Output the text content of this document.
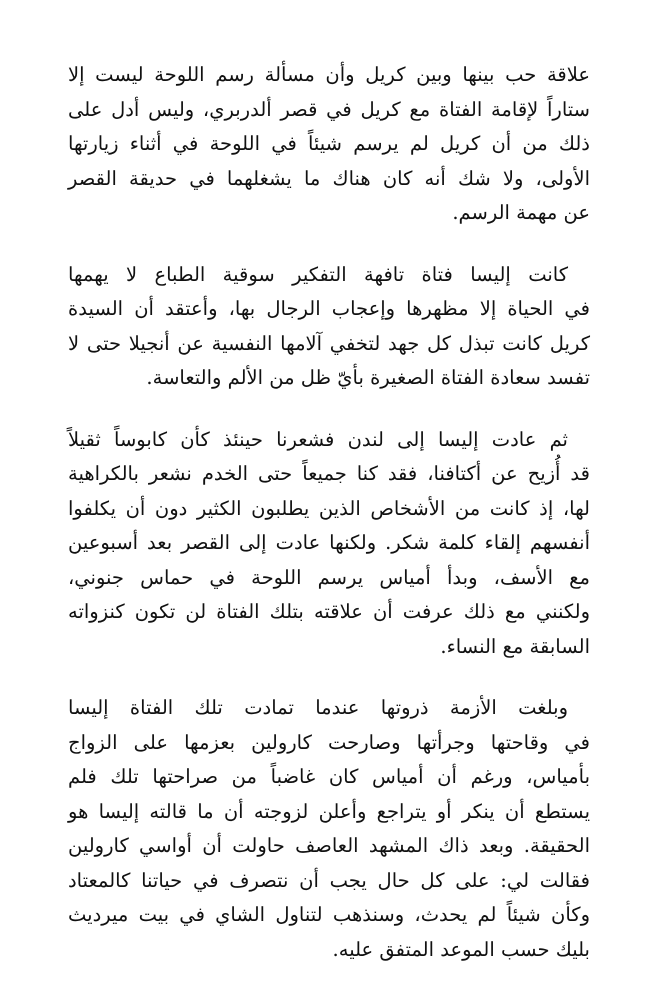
علاقة حب بينها وبين كريل وأن مسألة رسم اللوحة ليست إلا
ستاراً لإقامة الفتاة مع كريل في قصر ألدربري، وليس أدل على
ذلك من أن كريل لم يرسم شيئاً في اللوحة في أثناء زيارتها
الأولى، ولا شك أنه كان هناك ما يشغلهما في حديقة القصر
عن مهمة الرسم.
كانت إليسا فتاة تافهة التفكير سوقية الطباع لا يهمها
في الحياة إلا مظهرها وإعجاب الرجال بها، وأعتقد أن السيدة
كريل كانت تبذل كل جهد لتخفي آلامها النفسية عن أنجيلا حتى لا
تفسد سعادة الفتاة الصغيرة بأيّ ظل من الألم والتعاسة.
ثم عادت إليسا إلى لندن فشعرنا حينئذ كأن كابوساً ثقيلاً
قد أُزيح عن أكتافنا، فقد كنا جميعاً حتى الخدم نشعر بالكراهية
لها، إذ كانت من الأشخاص الذين يطلبون الكثير دون أن يكلفوا
أنفسهم إلقاء كلمة شكر. ولكنها عادت إلى القصر بعد أسبوعين
مع الأسف، وبدأ أمياس يرسم اللوحة في حماس جنوني،
ولكنني مع ذلك عرفت أن علاقته بتلك الفتاة لن تكون كنزواته
السابقة مع النساء.
وبلغت الأزمة ذروتها عندما تمادت تلك الفتاة إليسا
في وقاحتها وجرأتها وصارحت كارولين بعزمها على الزواج
بأمياس، ورغم أن أمياس كان غاضباً من صراحتها تلك فلم
يستطع أن ينكر أو يتراجع وأعلن لزوجته أن ما قالته إليسا هو
الحقيقة. وبعد ذاك المشهد العاصف حاولت أن أواسي كارولين
فقالت لي: على كل حال يجب أن نتصرف في حياتنا كالمعتاد
وكأن شيئاً لم يحدث، وسنذهب لتناول الشاي في بيت ميرديث
بليك حسب الموعد المتفق عليه.
